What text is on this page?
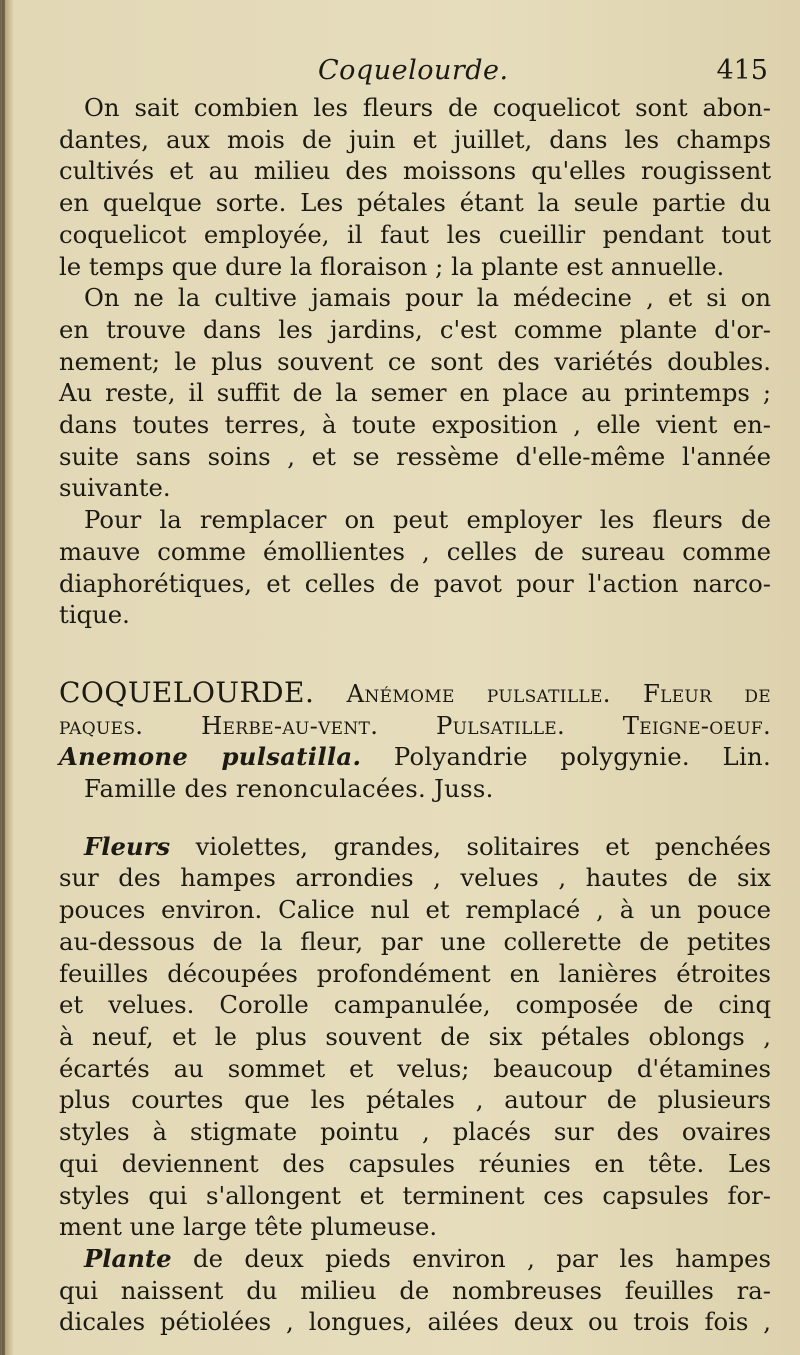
Coquelourde.	415
On sait combien les fleurs de coquelicot sont abon-
dantes, aux mois de juin et juillet, dans les champs
cultivés et au milieu des moissons qu'elles rougissent
en quelque sorte. Les pétales étant la seule partie du
coquelicot employée, il faut les cueillir pendant tout
le temps que dure la floraison ; la plante est annuelle.
On ne la cultive jamais pour la médecine , et si on
en trouve dans les jardins, c'est comme plante d'or-
nement; le plus souvent ce sont des variétés doubles.
Au reste, il suffit de la semer en place au printemps ;
dans toutes terres, à toute exposition , elle vient en-
suite sans soins , et se ressème d'elle-même l'année
suivante.
Pour la remplacer on peut employer les fleurs de
mauve comme émollientes , celles de sureau comme
diaphorétiques, et celles de pavot pour l'action narco-
tique.
COQUELOURDE. Anémome pulsatille. Fleur de
paques. Herbe-au-vent. Pulsatille. Teigne-oeuf.
Anemone pulsatilla. Polyandrie polygynie. Lin.
Famille des renonculacées. Juss.
Fleurs violettes, grandes, solitaires et penchées
sur des hampes arrondies , velues , hautes de six
pouces environ. Calice nul et remplacé , à un pouce
au-dessous de la fleur, par une collerette de petites
feuilles découpées profondément en lanières étroites
et velues. Corolle campanulée, composée de cinq
à neuf, et le plus souvent de six pétales oblongs ,
écartés au sommet et velus; beaucoup d'étamines
plus courtes que les pétales , autour de plusieurs
styles à stigmate pointu , placés sur des ovaires
qui deviennent des capsules réunies en tête. Les
styles qui s'allongent et terminent ces capsules for-
ment une large tête plumeuse.
Plante de deux pieds environ , par les hampes
qui naissent du milieu de nombreuses feuilles ra-
dicales pétiolées , longues, ailées deux ou trois fois ,
